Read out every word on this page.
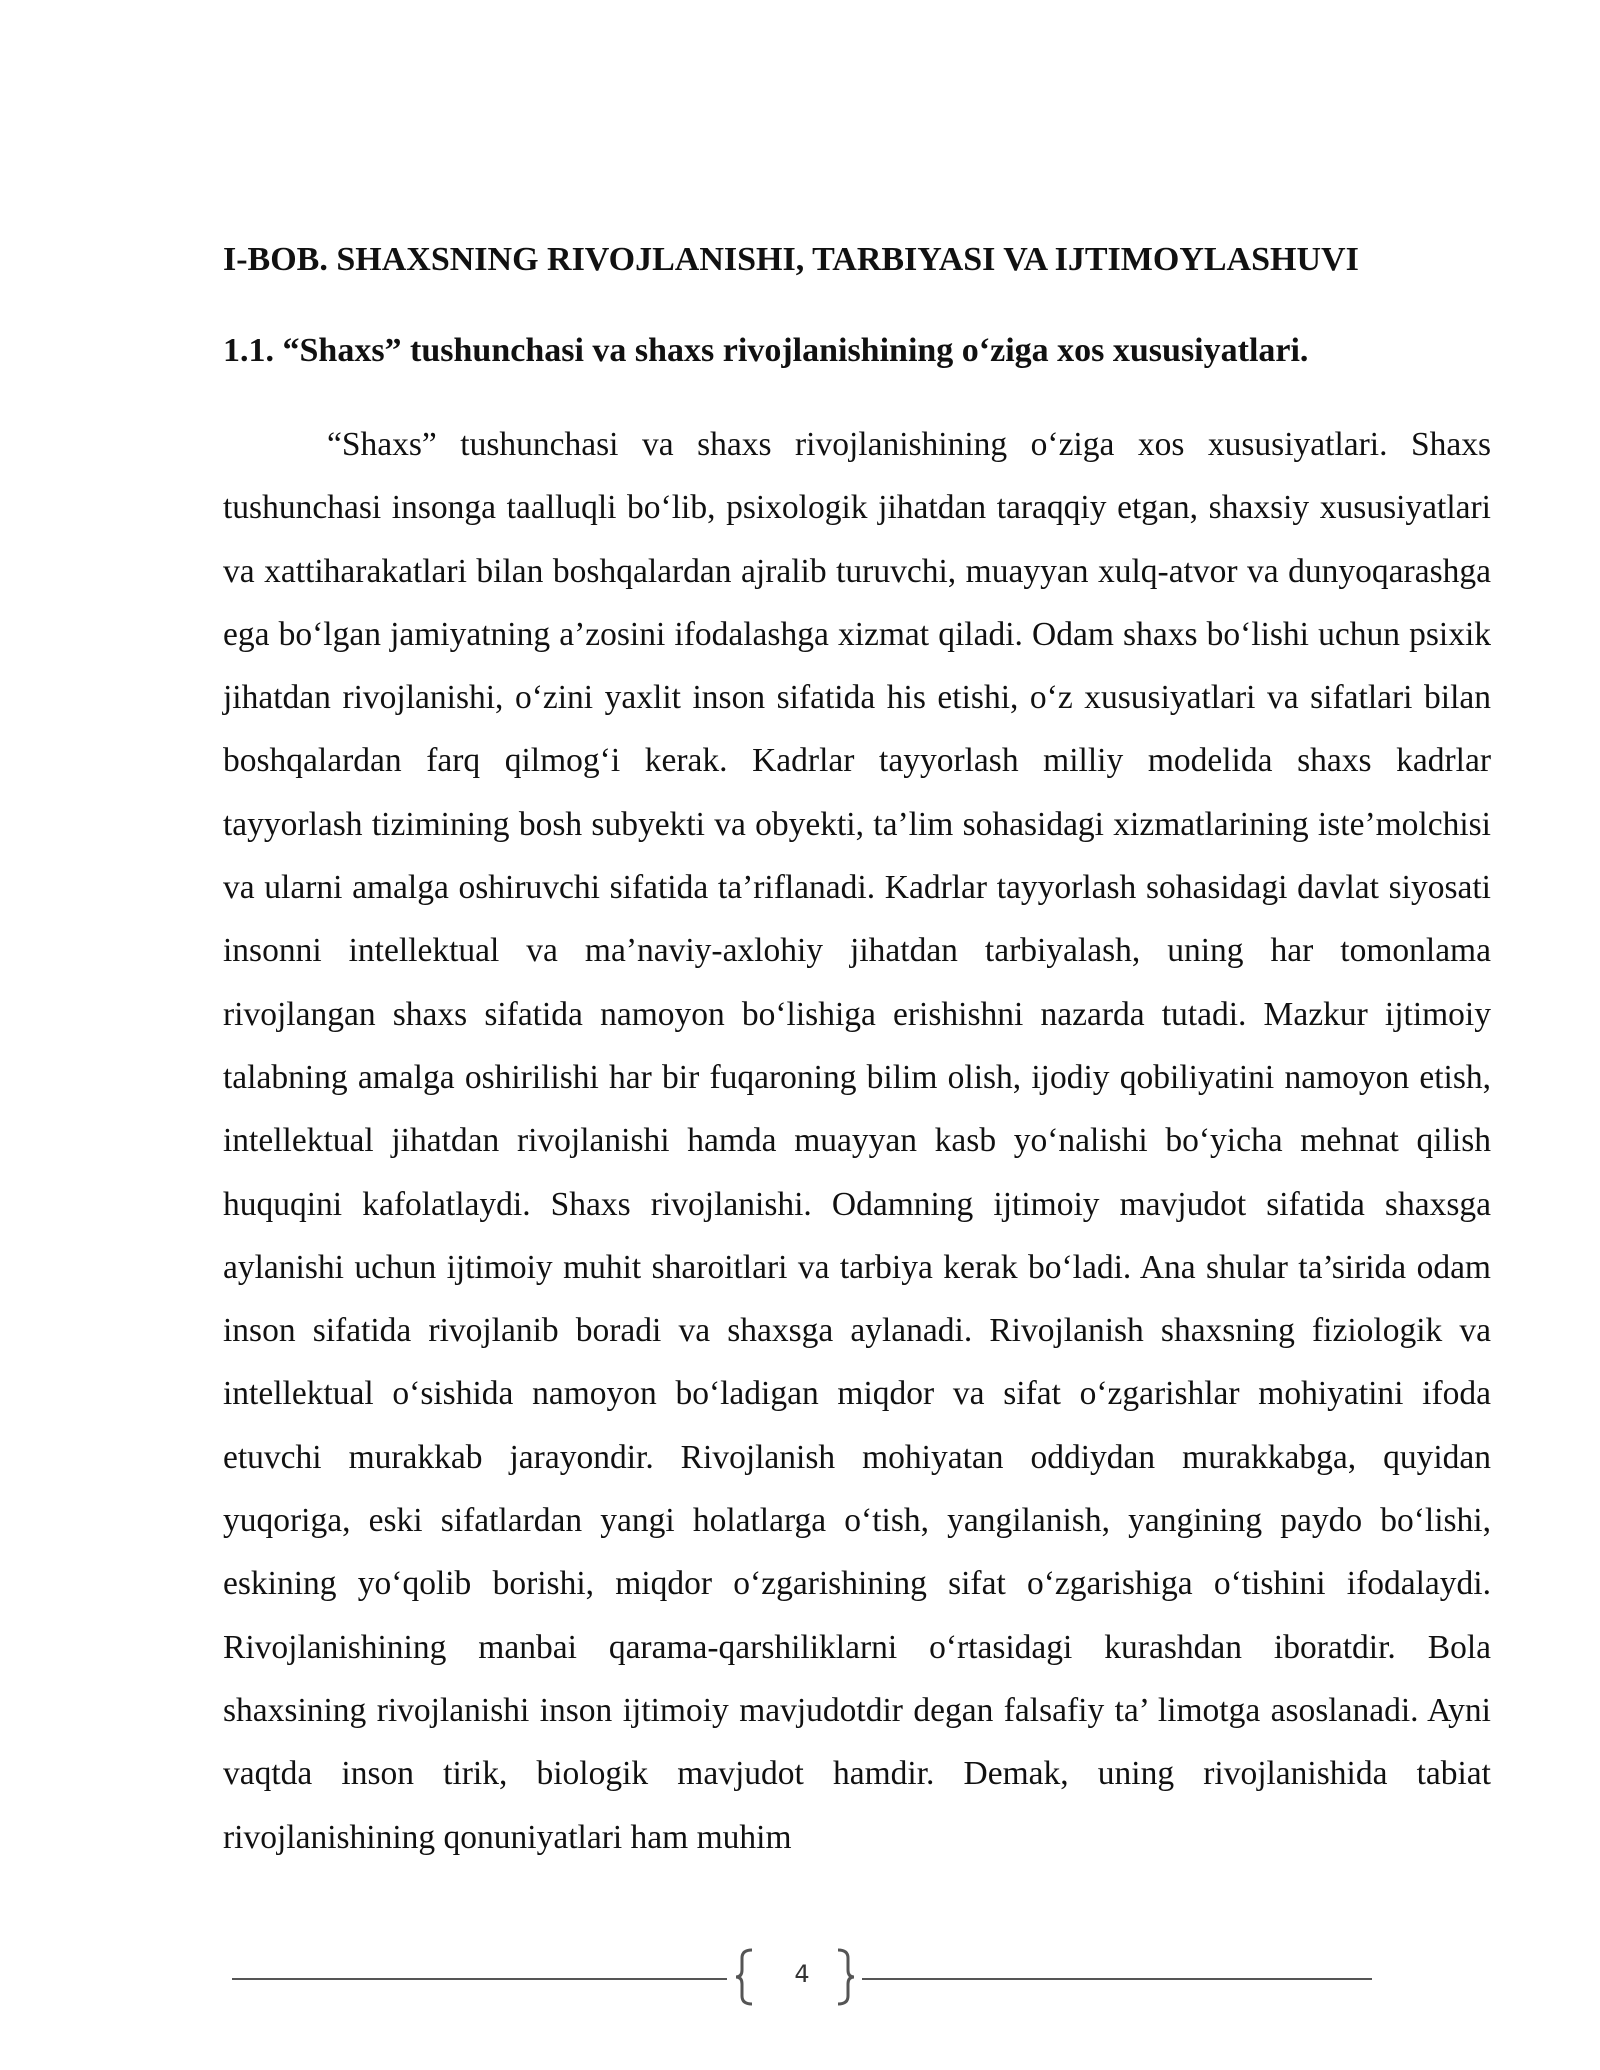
I-BOB. SHAXSNING RIVOJLANISHI, TARBIYASI VA IJTIMOYLASHUVI
1.1. “Shaxs” tushunchasi va shaxs rivojlanishining o‘ziga xos xususiyatlari.

“Shaxs” tushunchasi va shaxs rivojlanishining o‘ziga xos xususiyatlari. Shaxs tushunchasi insonga taalluqli bo‘lib, psixologik jihatdan taraqqiy etgan, shaxsiy xususiyatlari va xattiharakatlari bilan boshqalardan ajralib turuvchi, muayyan xulq-atvor va dunyoqarashga ega bo‘lgan jamiyatning a’zosini ifodalashga xizmat qiladi. Odam shaxs bo‘lishi uchun psixik jihatdan rivojlanishi, o‘zini yaxlit inson sifatida his etishi, o‘z xususiyatlari va sifatlari bilan boshqalardan farq qilmog‘i kerak. Kadrlar tayyorlash milliy modelida shaxs kadrlar tayyorlash tizimining bosh subyekti va obyekti, ta’lim sohasidagi xizmatlarining iste’molchisi va ularni amalga oshiruvchi sifatida ta’riflanadi. Kadrlar tayyorlash sohasidagi davlat siyosati insonni intellektual va ma’naviy-axlohiy jihatdan tarbiyalash, uning har tomonlama rivojlangan shaxs sifatida namoyon bo‘lishiga erishishni nazarda tutadi. Mazkur ijtimoiy talabning amalga oshirilishi har bir fuqaroning bilim olish, ijodiy qobiliyatini namoyon etish, intellektual jihatdan rivojlanishi hamda muayyan kasb yo‘nalishi bo‘yicha mehnat qilish huquqini kafolatlaydi. Shaxs rivojlanishi. Odamning ijtimoiy mavjudot sifatida shaxsga aylanishi uchun ijtimoiy muhit sharoitlari va tarbiya kerak bo‘ladi. Ana shular ta’sirida odam inson sifatida rivojlanib boradi va shaxsga aylanadi. Rivojlanish shaxsning fiziologik va intellektual o‘sishida namoyon bo‘ladigan miqdor va sifat o‘zgarishlar mohiyatini ifoda etuvchi murakkab jarayondir. Rivojlanish mohiyatan oddiydan murakkabga, quyidan yuqoriga, eski sifatlardan yangi holatlarga o‘tish, yangilanish, yangining paydo bo‘lishi, eskining yo‘qolib borishi, miqdor o‘zgarishining sifat o‘zgarishiga o‘tishini ifodalaydi. Rivojlanishining manbai qarama-qarshiliklarni o‘rtasidagi kurashdan iboratdir. Bola shaxsining rivojlanishi inson ijtimoiy mavjudotdir degan falsafiy ta’ limotga asoslanadi. Ayni vaqtda inson tirik, biologik mavjudot hamdir. Demak, uning rivojlanishida tabiat rivojlanishining qonuniyatlari ham muhim

4
